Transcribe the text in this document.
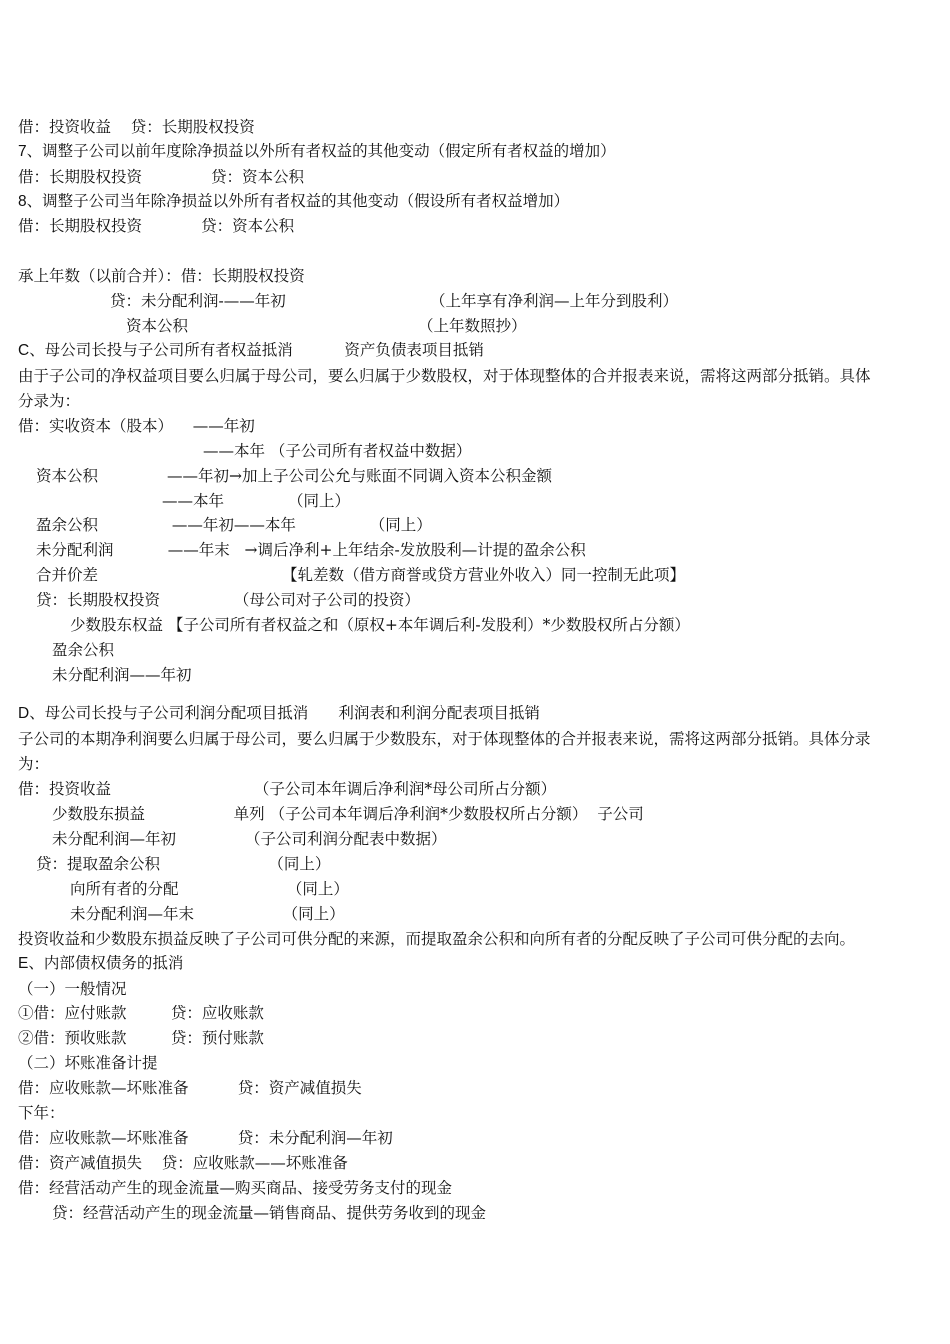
借：投资收益    贷：长期股权投资
7、调整子公司以前年度除净损益以外所有者权益的其他变动（假定所有者权益的增加）
借：长期股权投资              贷：资本公积
8、调整子公司当年除净损益以外所有者权益的其他变动（假设所有者权益增加）
借：长期股权投资            贷：资本公积
承上年数（以前合并）：借：长期股权投资
贷：未分配利润-——年初	（上年享有净利润—上年分到股利）
资本公积	（上年数照抄）
C、母公司长投与子公司所有者权益抵消            资产负债表项目抵销
由于子公司的净权益项目要么归属于母公司，要么归属于少数股权，对于体现整体的合并报表来说，需将这两部分抵销。具体
分录为：
借：实收资本（股本）    ——年初
——本年 （子公司所有者权益中数据）
资本公积              ——年初→加上子公司公允与账面不同调入资本公积金额
——本年             （同上）
盈余公积               ——年初——本年               （同上）
未分配利润           ——年末   →调后净利+上年结余-发放股利—计提的盈余公积
合并价差	【轧差数（借方商誉或贷方营业外收入）同一控制无此项】
贷：长期股权投资               （母公司对子公司的投资）
少数股东权益 【子公司所有者权益之和（原权+本年调后利-发股利）*少数股权所占分额）
盈余公积
未分配利润——年初
D、母公司长投与子公司利润分配项目抵消       利润表和利润分配表项目抵销
子公司的本期净利润要么归属于母公司，要么归属于少数股东，对于体现整体的合并报表来说，需将这两部分抵销。具体分录
为：
借：投资收益                             （子公司本年调后净利润*母公司所占分额）
少数股东损益                  单列 （子公司本年调后净利润*少数股权所占分额）  子公司
未分配利润—年初              （子公司利润分配表中数据）
贷：提取盈余公积                      （同上）
向所有者的分配                      （同上）
未分配利润—年末                  （同上）
投资收益和少数股东损益反映了子公司可供分配的来源，而提取盈余公积和向所有者的分配反映了子公司可供分配的去向。
E、内部债权债务的抵消
（一）一般情况
①借：应付账款         贷：应收账款
②借：预收账款         贷：预付账款
（二）坏账准备计提
借：应收账款—坏账准备          贷：资产减值损失
下年：
借：应收账款—坏账准备          贷：未分配利润—年初
借：资产减值损失    贷：应收账款——坏账准备
借：经营活动产生的现金流量—购买商品、接受劳务支付的现金
贷：经营活动产生的现金流量—销售商品、提供劳务收到的现金
